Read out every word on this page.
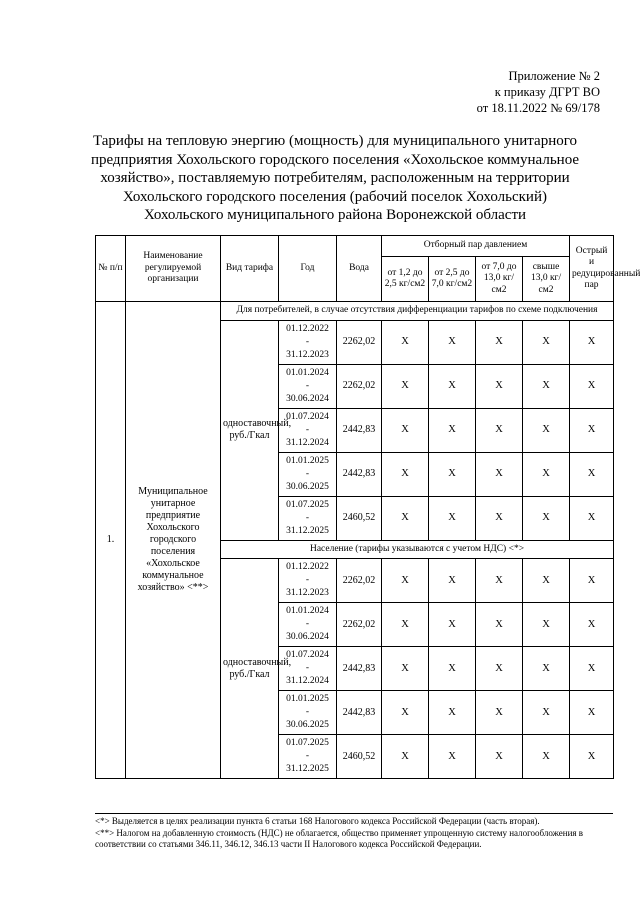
Приложение № 2
к приказу ДГРТ ВО
от 18.11.2022 № 69/178
Тарифы на тепловую энергию (мощность) для муниципального унитарного
предприятия Хохольского городского поселения «Хохольское коммунальное
хозяйство», поставляемую потребителям, расположенным на территории
Хохольского городского поселения (рабочий поселок Хохольский)
Хохольского муниципального района Воронежской области
№ п/п	Наименование регулируемой организации	Вид тарифа	Год	Вода	Отборный пар давлением				Острый и редуцированный пар
					от 1,2 до 2,5 кг/см2	от 2,5 до 7,0 кг/см2	от 7,0 до 13,0 кг/см2	свыше 13,0 кг/см2	
1.	Муниципальное унитарное предприятие Хохольского городского поселения «Хохольское коммунальное хозяйство» <**>	Для потребителей, в случае отсутствия дифференциации тарифов по схеме подключения							
		одноставочный, руб./Гкал	01.12.2022
-
31.12.2023	2262,02	X	X	X	X	X

			01.01.2024
-
30.06.2024	2262,02	X	X	X	X	X

			01.07.2024
-
31.12.2024	2442,83	X	X	X	X	X

			01.01.2025
-
30.06.2025	2442,83	X	X	X	X	X

			01.07.2025
-
31.12.2025	2460,52	X	X	X	X	X
		Население (тарифы указываются с учетом НДС) <*>							
		одноставочный, руб./Гкал	01.12.2022
-
31.12.2023	2262,02	X	X	X	X	X

			01.01.2024
-
30.06.2024	2262,02	X	X	X	X	X

			01.07.2024
-
31.12.2024	2442,83	X	X	X	X	X

			01.01.2025
-
30.06.2025	2442,83	X	X	X	X	X

			01.07.2025
-
31.12.2025	2460,52	X	X	X	X	X

<*> Выделяется в целях реализации пункта 6 статьи 168 Налогового кодекса Российской Федерации (часть вторая).

<**> Налогом на добавленную стоимость (НДС) не облагается, общество применяет упрощенную систему налогообложения в соответствии со статьями 346.11, 346.12, 346.13 части II Налогового кодекса Российской Федерации.
